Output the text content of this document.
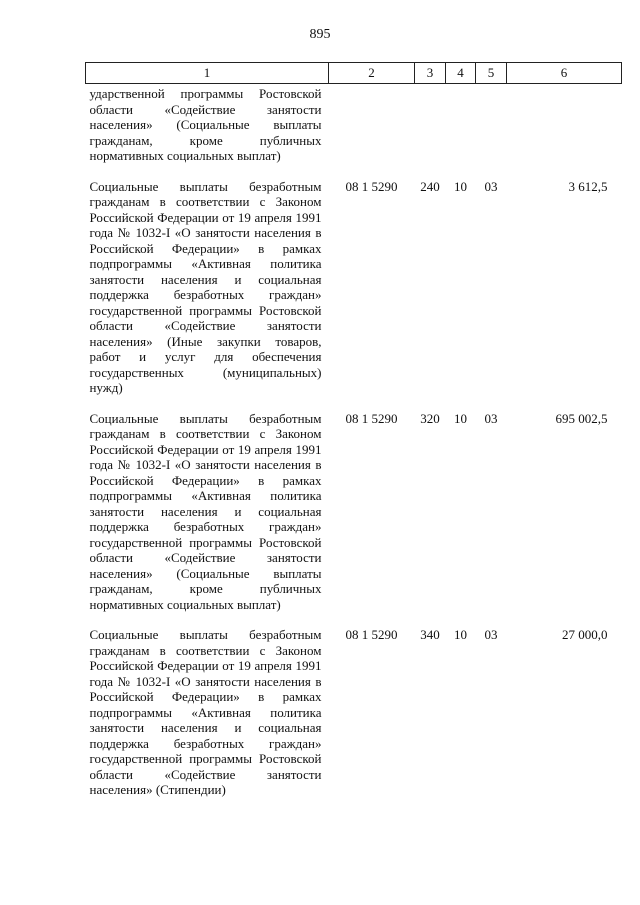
895
1	2	3	4	5	6
ударственной программы Ростовской области «Содействие занятости населения» (Социальные выплаты гражданам, кроме публичных нормативных социальных выплат)					
Социальные выплаты безработным гражданам в соответствии с Законом Российской Федерации от 19 апреля 1991 года № 1032-I «О занятости населения в Российской Федерации» в рамках подпрограммы «Активная политика занятости населения и социальная поддержка безработных граждан» государственной программы Ростовской области «Содействие занятости населения» (Иные закупки товаров, работ и услуг для обеспечения государственных (муниципальных) нужд)	08 1 5290	240	10	03	3 612,5
Социальные выплаты безработным гражданам в соответствии с Законом Российской Федерации от 19 апреля 1991 года № 1032-I «О занятости населения в Российской Федерации» в рамках подпрограммы «Активная политика занятости населения и социальная поддержка безработных граждан» государственной программы Ростовской области «Содействие занятости населения» (Социальные выплаты гражданам, кроме публичных нормативных социальных выплат)	08 1 5290	320	10	03	695 002,5
Социальные выплаты безработным гражданам в соответствии с Законом Российской Федерации от 19 апреля 1991 года № 1032-I «О занятости населения в Российской Федерации» в рамках подпрограммы «Активная политика занятости населения и социальная поддержка безработных граждан» государственной программы Ростовской области «Содействие занятости населения» (Стипендии)	08 1 5290	340	10	03	27 000,0
